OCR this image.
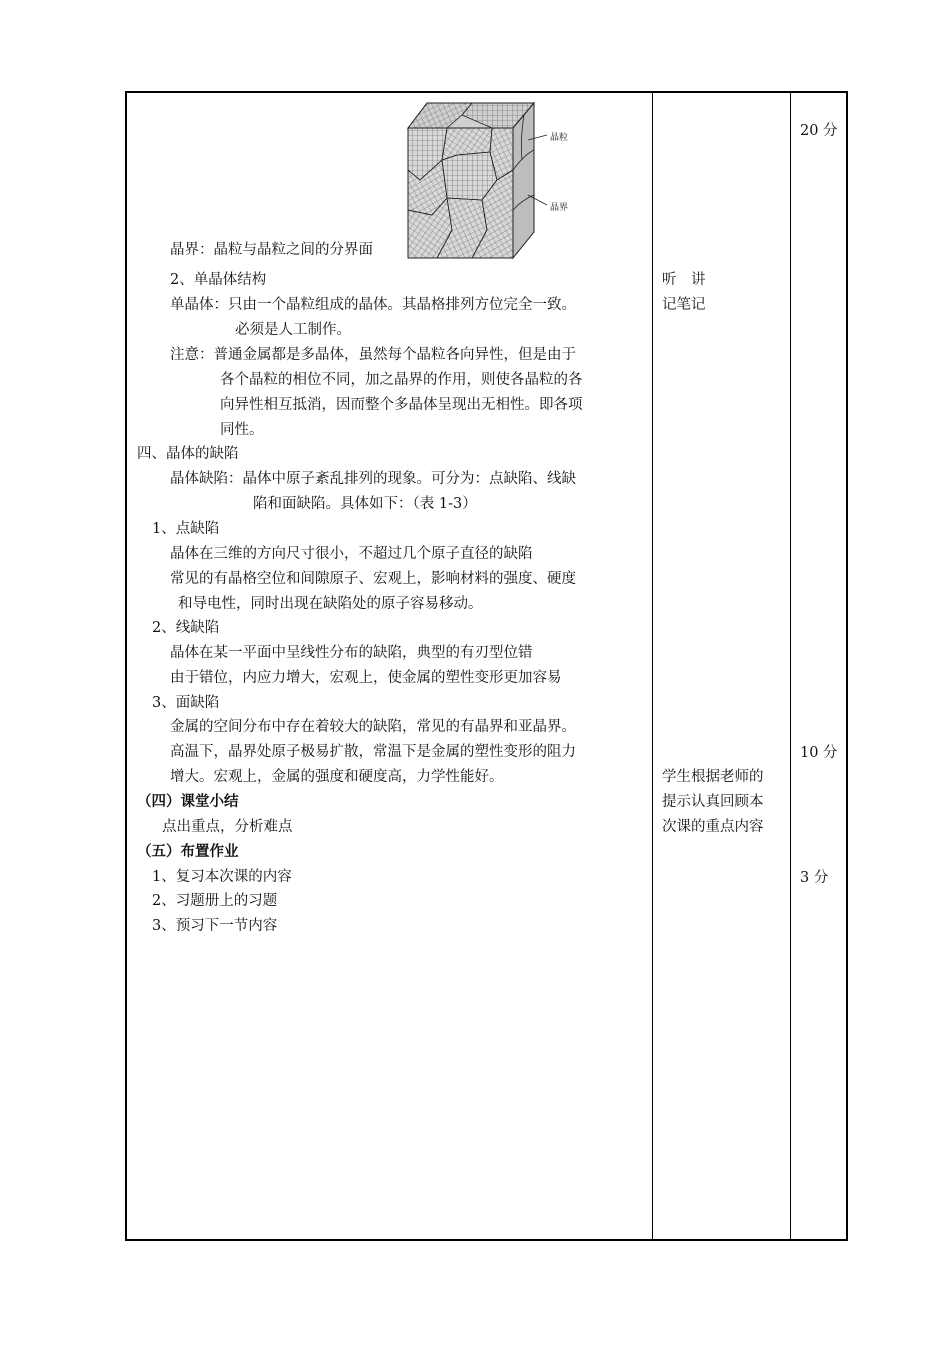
晶粒
晶界
晶界：晶粒与晶粒之间的分界面
2、单晶体结构
单晶体：只由一个晶粒组成的晶体。其晶格排列方位完全一致。
必须是人工制作。
注意：普通金属都是多晶体，虽然每个晶粒各向异性，但是由于
各个晶粒的相位不同，加之晶界的作用，则使各晶粒的各
向异性相互抵消，因而整个多晶体呈现出无相性。即各项
同性。
四、晶体的缺陷
晶体缺陷：晶体中原子紊乱排列的现象。可分为：点缺陷、线缺
陷和面缺陷。具体如下：（表 1-3）
1、点缺陷
晶体在三维的方向尺寸很小，不超过几个原子直径的缺陷
常见的有晶格空位和间隙原子、宏观上，影响材料的强度、硬度
和导电性，同时出现在缺陷处的原子容易移动。
2、线缺陷
晶体在某一平面中呈线性分布的缺陷，典型的有刃型位错
由于错位，内应力增大，宏观上，使金属的塑性变形更加容易
3、面缺陷
金属的空间分布中存在着较大的缺陷，常见的有晶界和亚晶界。
高温下，晶界处原子极易扩散，常温下是金属的塑性变形的阻力
增大。宏观上，金属的强度和硬度高，力学性能好。
（四）课堂小结
点出重点，分析难点
（五）布置作业
1、复习本次课的内容
2、习题册上的习题
3、预习下一节内容
听　讲
记笔记
学生根据老师的
提示认真回顾本
次课的重点内容
20 分
10 分
3 分
